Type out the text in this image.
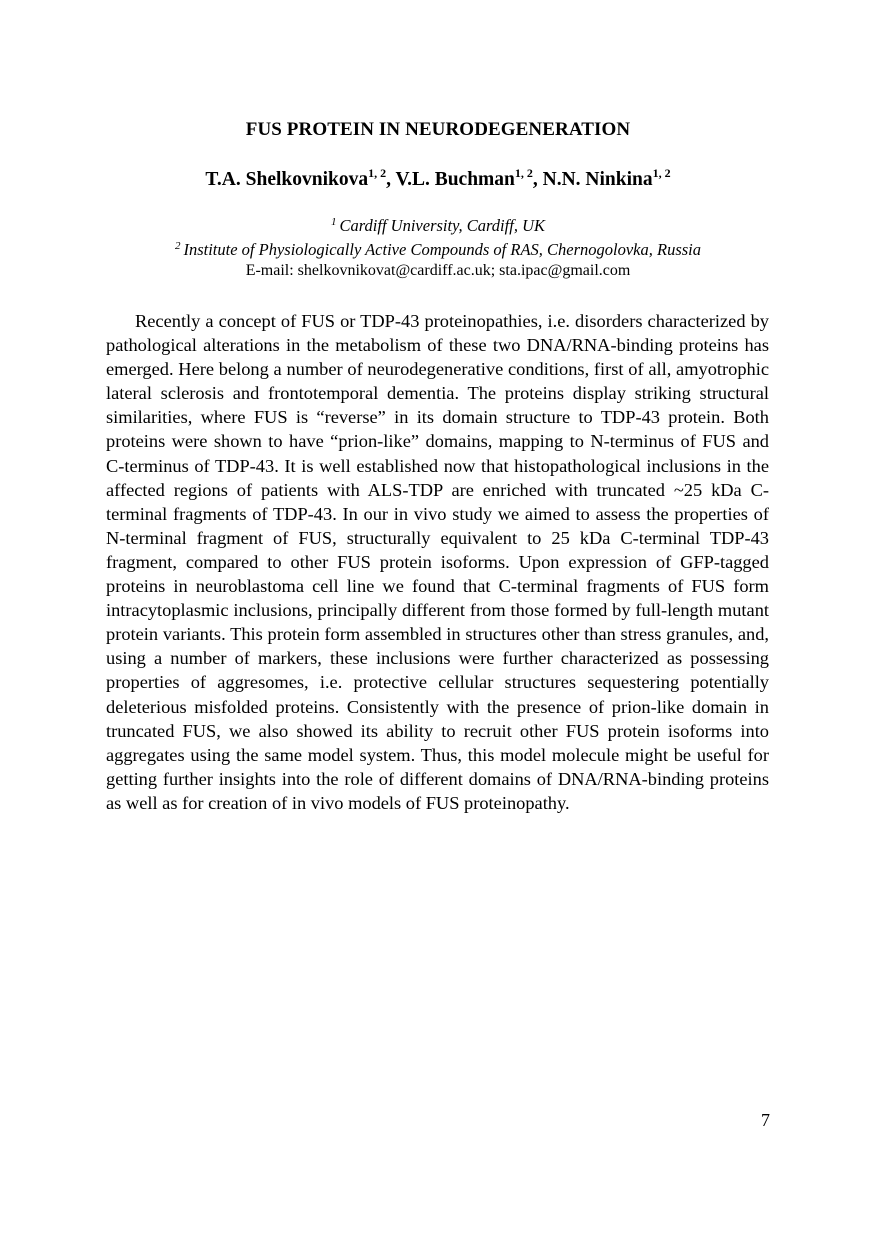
FUS PROTEIN IN NEURODEGENERATION
T.A. Shelkovnikova$^{1, 2}$, V.L. Buchman$^{1, 2}$, N.N. Ninkina$^{1, 2}$
$^1$ Cardiff University, Cardiff, UK
$^2$ Institute of Physiologically Active Compounds of RAS, Chernogolovka, Russia
E-mail: shelkovnikovat@cardiff.ac.uk; sta.ipac@gmail.com

Recently a concept of FUS or TDP-43 proteinopathies, i.e. disorders characterized by pathological alterations in the metabolism of these two DNA/RNA-binding proteins has emerged. Here belong a number of neurodegenerative conditions, first of all, amyotrophic lateral sclerosis and frontotemporal dementia. The proteins display striking structural similarities, where FUS is “reverse” in its domain structure to TDP-43 protein. Both proteins were shown to have “prion-like” domains, mapping to N-terminus of FUS and C-terminus of TDP-43. It is well established now that histopathological inclusions in the affected regions of patients with ALS-TDP are enriched with truncated ~25 kDa C-terminal fragments of TDP-43. In our in vivo study we aimed to assess the properties of N-terminal fragment of FUS, structurally equivalent to 25 kDa C-terminal TDP-43 fragment, compared to other FUS protein isoforms. Upon expression of GFP-tagged proteins in neuroblastoma cell line we found that C-terminal fragments of FUS form intracytoplasmic inclusions, principally different from those formed by full-length mutant protein variants. This protein form assembled in structures other than stress granules, and, using a number of markers, these inclusions were further characterized as possessing properties of aggresomes, i.e. protective cellular structures sequestering potentially deleterious misfolded proteins. Consistently with the presence of prion-like domain in truncated FUS, we also showed its ability to recruit other FUS protein isoforms into aggregates using the same model system. Thus, this model molecule might be useful for getting further insights into the role of different domains of DNA/RNA-binding proteins as well as for creation of in vivo models of FUS proteinopathy.

7
